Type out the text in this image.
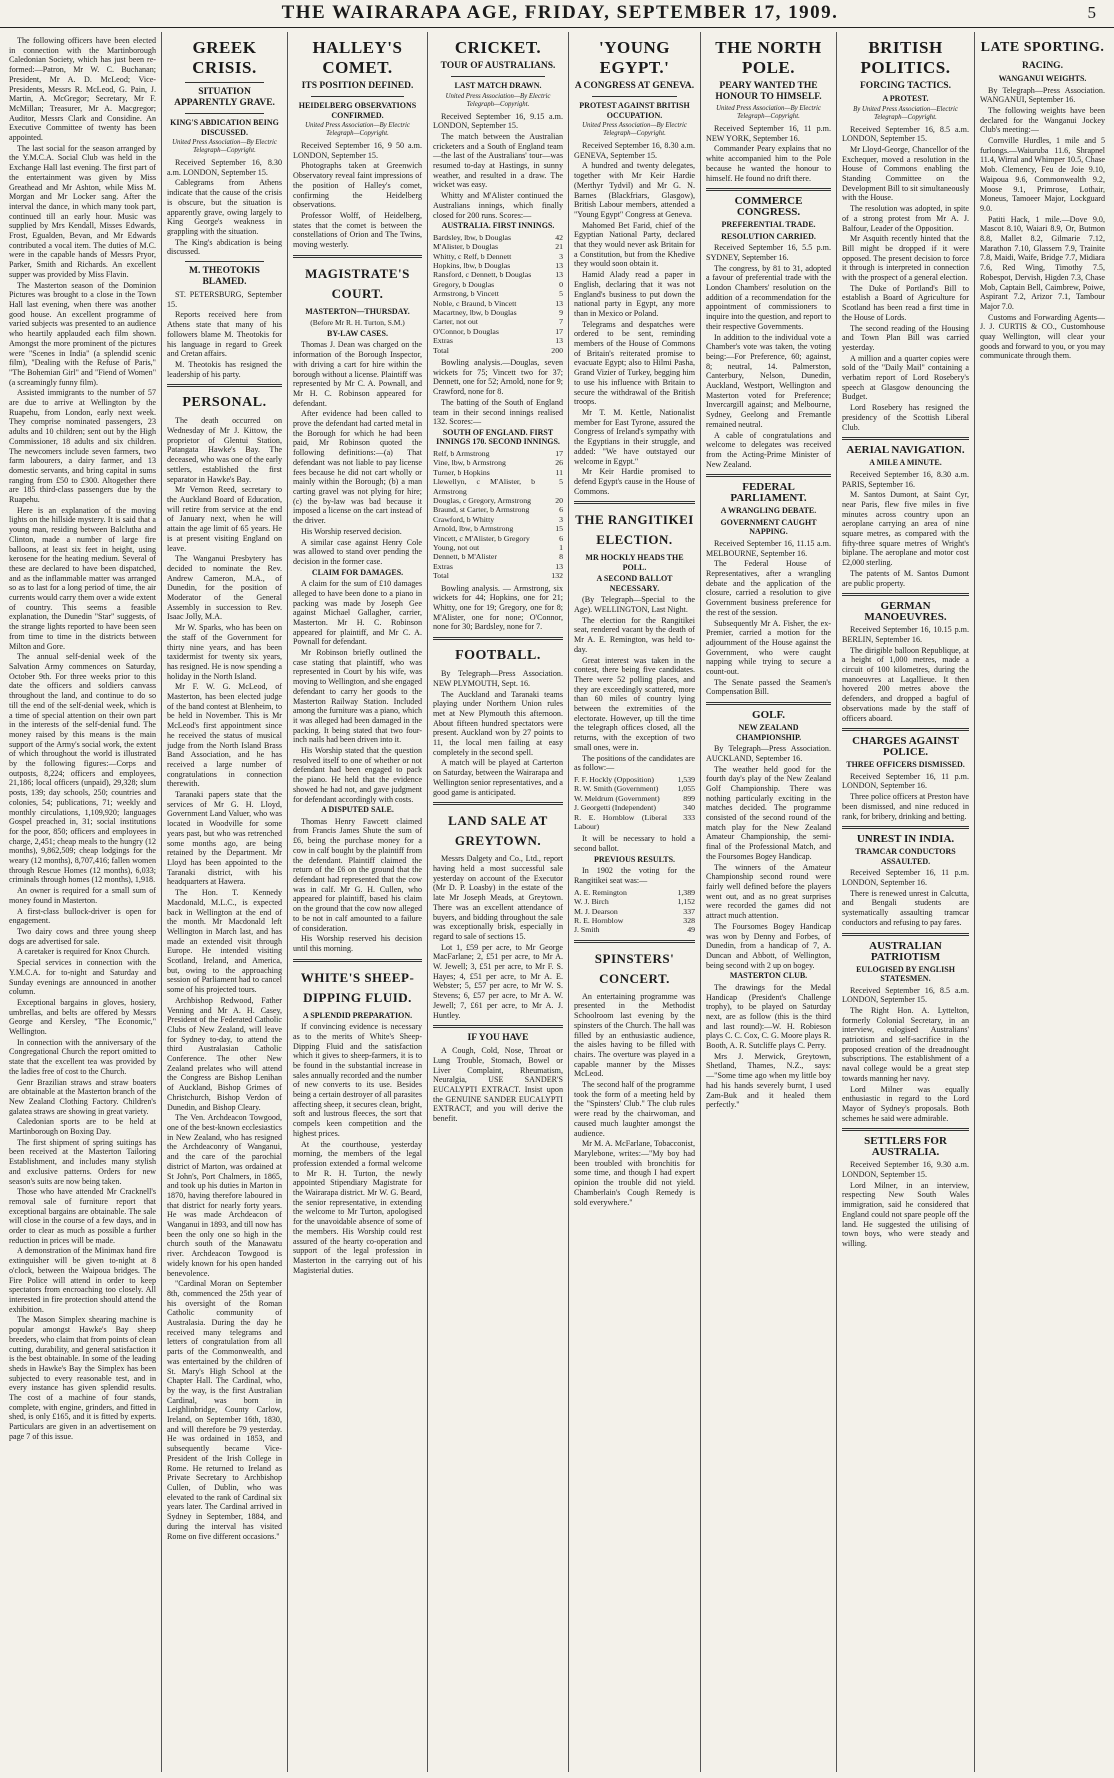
THE WAIRARAPA AGE, FRIDAY, SEPTEMBER 17, 1909.	5

The following officers have been elected in connection with the Martinborough Caledonian Society, which has just been re-formed:—Patron, Mr W. C. Buchanan; President, Mr A. D. McLeod; Vice-Presidents, Messrs R. McLeod, G. Pain, J. Martin, A. McGregor; Secretary, Mr F. McMillan; Treasurer, Mr A. Macgregor; Auditor, Messrs Clark and Considine. An Executive Committee of twenty has been appointed.

The last social for the season arranged by the Y.M.C.A. Social Club was held in the Exchange Hall last evening. The first part of the entertainment was given by Miss Greathead and Mr Ashton, while Miss M. Morgan and Mr Locker sang. After the interval the dance, in which many took part, continued till an early hour. Music was supplied by Mrs Kendall, Misses Edwards, Frost, Egualden, Bevan, and Mr Edwards contributed a vocal item. The duties of M.C. were in the capable hands of Messrs Pryor, Parker, Smith and Richards. An excellent supper was provided by Miss Flavin.

The Masterton season of the Dominion Pictures was brought to a close in the Town Hall last evening, when there was another good house. An excellent programme of varied subjects was presented to an audience who heartily applauded each film shown. Amongst the more prominent of the pictures were "Scenes in India" (a splendid scenic film), "Dealing with the Refuse of Paris," "The Bohemian Girl" and "Fiend of Women" (a screamingly funny film).

Assisted immigrants to the number of 57 are due to arrive at Wellington by the Ruapehu, from London, early next week. They comprise nominated passengers, 23 adults and 10 children; sent out by the High Commissioner, 18 adults and six children. The newcomers include seven farmers, two farm labourers, a dairy farmer, and 13 domestic servants, and bring capital in sums ranging from £50 to £300. Altogether there are 185 third-class passengers due by the Ruapehu.

Here is an explanation of the moving lights on the hillside mystery. It is said that a young man, residing between Balclutha and Clinton, made a number of large fire balloons, at least six feet in height, using kerosene for the heating medium. Several of these are declared to have been dispatched, and as the inflammable matter was arranged so as to last for a long period of time, the air currents would carry them over a wide extent of country. This seems a feasible explanation, the Dunedin "Star" suggests, of the strange lights reported to have been seen from time to time in the districts between Milton and Gore.

The annual self-denial week of the Salvation Army commences on Saturday, October 9th. For three weeks prior to this date the officers and soldiers canvass throughout the land, and continue to do so till the end of the self-denial week, which is a time of special attention on their own part in the interests of the self-denial fund. The money raised by this means is the main support of the Army's social work, the extent of which throughout the world is illustrated by the following figures:—Corps and outposts, 8,224; officers and employees, 21,186; local officers (unpaid), 29,328; slum posts, 139; day schools, 250; countries and colonies, 54; publications, 71; weekly and monthly circulations, 1,109,920; languages Gospel preached in, 31; social institutions for the poor, 850; officers and employees in charge, 2,451; cheap meals to the hungry (12 months), 9,862,509; cheap lodgings for the weary (12 months), 8,707,416; fallen women through Rescue Homes (12 months), 6,033; criminals through homes (12 months), 1,918.

An owner is required for a small sum of money found in Masterton.

A first-class bullock-driver is open for engagement.

Two dairy cows and three young sheep dogs are advertised for sale.

A caretaker is required for Knox Church.

Special services in connection with the Y.M.C.A. for to-night and Saturday and Sunday evenings are announced in another column.

Exceptional bargains in gloves, hosiery, umbrellas, and belts are offered by Messrs George and Kersley, "The Economic," Wellington.

In connection with the anniversary of the Congregational Church the report omitted to state that the excellent tea was provided by the ladies free of cost to the Church.

Genr Brazilian straws and straw boaters are obtainable at the Masterton branch of the New Zealand Clothing Factory. Children's galatea straws are showing in great variety.

Caledonian sports are to be held at Martinborough on Boxing Day.

The first shipment of spring suitings has been received at the Masterton Tailoring Establishment, and includes many stylish and exclusive patterns. Orders for new season's suits are now being taken.

Those who have attended Mr Cracknell's removal sale of furniture report that exceptional bargains are obtainable. The sale will close in the course of a few days, and in order to clear as much as possible a further reduction in prices will be made.

A demonstration of the Minimax hand fire extinguisher will be given to-night at 8 o'clock, between the Waipoua bridges. The Fire Police will attend in order to keep spectators from encroaching too closely. All interested in fire protection should attend the exhibition.

The Mason Simplex shearing machine is popular amongst Hawke's Bay sheep breeders, who claim that from points of clean cutting, durability, and general satisfaction it is the best obtainable. In some of the leading sheds in Hawke's Bay the Simplex has been subjected to every reasonable test, and in every instance has given splendid results. The cost of a machine of four stands, complete, with engine, grinders, and fitted in shed, is only £165, and it is fitted by experts. Particulars are given in an advertisement on page 7 of this issue.

GREEK CRISIS.
SITUATION APPARENTLY GRAVE.
KING'S ABDICATION BEING DISCUSSED.
United Press Association—By Electric Telegraph—Copyright.

Received September 16, 8.30 a.m. LONDON, September 15.

Cablegrams from Athens indicate that the cause of the crisis is obscure, but the situation is apparently grave, owing largely to King George's weakness in grappling with the situation.

The King's abdication is being discussed.

M. THEOTOKIS BLAMED.

ST. PETERSBURG, September 15.

Reports received here from Athens state that many of his followers blame M. Theotokis for his language in regard to Greek and Cretan affairs.

M. Theotokis has resigned the leadership of his party.

PERSONAL.

The death occurred on Wednesday of Mr J. Kittow, the proprietor of Glentui Station, Patangata Hawke's Bay. The deceased, who was one of the early settlers, established the first separator in Hawke's Bay.

Mr Vernon Reed, secretary to the Auckland Board of Education, will retire from service at the end of January next, when he will attain the age limit of 65 years. He is at present visiting England on leave.

The Wanganui Presbytery has decided to nominate the Rev. Andrew Cameron, M.A., of Dunedin, for the position of Moderator of the General Assembly in succession to Rev. Isaac Jolly, M.A.

Mr W. Sparks, who has been on the staff of the Government for thirty nine years, and has been taxidermist for twenty six years, has resigned. He is now spending a holiday in the North Island.

Mr F. W. G. McLeod, of Masterton, has been elected judge of the band contest at Blenheim, to be held in November. This is Mr McLeod's first appointment since he received the status of musical judge from the North Island Brass Band Association, and he has received a large number of congratulations in connection therewith.

Taranaki papers state that the services of Mr G. H. Lloyd, Government Land Valuer, who was located in Woodville for some years past, but who was retrenched some months ago, are being retained by the Department. Mr Lloyd has been appointed to the Taranaki district, with his headquarters at Hawera.

The Hon. T. Kennedy Macdonald, M.L.C., is expected back in Wellington at the end of the month. Mr Macdonald left Wellington in March last, and has made an extended visit through Europe. He intended visiting Scotland, Ireland, and America, but, owing to the approaching session of Parliament had to cancel some of his projected tours.

Archbishop Redwood, Father Venning and Mr A. H. Casey, President of the Federated Catholic Clubs of New Zealand, will leave for Sydney to-day, to attend the third Australasian Catholic Conference. The other New Zealand prelates who will attend the Congress are Bishop Lenihan of Auckland, Bishop Grimes of Christchurch, Bishop Verdon of Dunedin, and Bishop Cleary.

The Ven. Archdeacon Towgood, one of the best-known ecclesiastics in New Zealand, who has resigned the Archdeaconry of Wanganui, and the care of the parochial district of Marton, was ordained at St John's, Port Chalmers, in 1865, and took up his duties in Marton in 1870, having therefore laboured in that district for nearly forty years. He was made Archdeacon of Wanganui in 1893, and till now has been the only one so high in the church south of the Manawatu river. Archdeacon Towgood is widely known for his open handed benevolence.

"Cardinal Moran on September 8th, commenced the 25th year of his oversight of the Roman Catholic community of Australasia. During the day he received many telegrams and letters of congratulation from all parts of the Commonwealth, and was entertained by the children of St. Mary's High School at the Chapter Hall. The Cardinal, who, by the way, is the first Australian Cardinal, was born in Leighlinbridge, County Carlow, Ireland, on September 16th, 1830, and will therefore be 79 yesterday. He was ordained in 1853, and subsequently became Vice-President of the Irish College in Rome. He returned to Ireland as Private Secretary to Archbishop Cullen, of Dublin, who was elevated to the rank of Cardinal six years later. The Cardinal arrived in Sydney in September, 1884, and during the interval has visited Rome on five different occasions."

HALLEY'S COMET.
ITS POSITION DEFINED.
HEIDELBERG OBSERVATIONS CONFIRMED.
United Press Association—By Electric Telegraph—Copyright.

Received September 16, 9 50 a.m. LONDON, September 15.

Photographs taken at Greenwich Observatory reveal faint impressions of the position of Halley's comet, confirming the Heidelberg observations.

Professor Wolff, of Heidelberg, states that the comet is between the constellations of Orion and The Twins, moving westerly.

MAGISTRATE'S COURT.
MASTERTON—THURSDAY.
(Before Mr R. H. Turton, S.M.)
BY-LAW CASES.

Thomas J. Dean was charged on the information of the Borough Inspector, with driving a cart for hire within the borough without a license. Plaintiff was represented by Mr C. A. Pownall, and Mr H. C. Robinson appeared for defendant.

After evidence had been called to prove the defendant had carted metal in the Borough for which he had been paid, Mr Robinson quoted the following definitions:—(a) That defendant was not liable to pay license fees because he did not cart wholly or mainly within the Borough; (b) a man carting gravel was not plying for hire; (c) the by-law was bad because it imposed a license on the cart instead of the driver.

His Worship reserved decision.

A similar case against Henry Cole was allowed to stand over pending the decision in the former case.

CLAIM FOR DAMAGES.

A claim for the sum of £10 damages alleged to have been done to a piano in packing was made by Joseph Gee against Michael Gallagher, carrier, Masterton. Mr H. C. Robinson appeared for plaintiff, and Mr C. A. Pownall for defendant.

Mr Robinson briefly outlined the case stating that plaintiff, who was represented in Court by his wife, was moving to Wellington, and she engaged defendant to carry her goods to the Masterton Railway Station. Included among the furniture was a piano, which it was alleged had been damaged in the packing. It being stated that two four-inch nails had been driven into it.

His Worship stated that the question resolved itself to one of whether or not defendant had been engaged to pack the piano. He held that the evidence showed he had not, and gave judgment for defendant accordingly with costs.

A DISPUTED SALE.

Thomas Henry Fawcett claimed from Francis James Shute the sum of £6, being the purchase money for a cow in calf bought by the plaintiff from the defendant. Plaintiff claimed the return of the £6 on the ground that the defendant had represented that the cow was in calf. Mr G. H. Cullen, who appeared for plaintiff, based his claim on the ground that the cow now alleged to be not in calf amounted to a failure of consideration.

His Worship reserved his decision until this morning.

WHITE'S SHEEP-DIPPING FLUID.
A SPLENDID PREPARATION.

If convincing evidence is necessary as to the merits of White's Sheep-Dipping Fluid and the satisfaction which it gives to sheep-farmers, it is to be found in the substantial increase in sales annually recorded and the number of new converts to its use. Besides being a certain destroyer of all parasites affecting sheep, it secures clean, bright, soft and lustrous fleeces, the sort that compels keen competition and the highest prices.

At the courthouse, yesterday morning, the members of the legal profession extended a formal welcome to Mr R. H. Turton, the newly appointed Stipendiary Magistrate for the Wairarapa district. Mr W. G. Beard, the senior representative, in extending the welcome to Mr Turton, apologised for the unavoidable absence of some of the members. His Worship could rest assured of the hearty co-operation and support of the legal profession in Masterton in the carrying out of his Magisterial duties.

CRICKET.
TOUR OF AUSTRALIANS.
LAST MATCH DRAWN.
United Press Association—By Electric Telegraph—Copyright.

Received September 16, 9.15 a.m. LONDON, September 15.

The match between the Australian cricketers and a South of England team—the last of the Australians' tour—was resumed to-day at Hastings, in sunny weather, and resulted in a draw. The wicket was easy.

Whitty and M'Alister continued the Australians innings, which finally closed for 200 runs. Scores:—

AUSTRALIA. FIRST INNINGS.
Bardsley, lbw, b Douglas	42
M'Alister, b Douglas	21
Whitty, c Relf, b Dennett	3
Hopkins, lbw, b Douglas	13
Ransford, c Dennett, b Douglas	13
Gregory, b Douglas	0
Armstrong, b Vincett	5
Noble, c Braund, b Vincett	13
Macartney, lbw, b Douglas	9
Carter, not out	7
O'Connor, b Douglas	17
Extras	13
Total	200

Bowling analysis.—Douglas, seven wickets for 75; Vincett two for 37; Dennett, one for 52; Arnold, none for 9; Crawford, none for 8.

The batting of the South of England team in their second innings realised 132. Scores:—

SOUTH OF ENGLAND. FIRST INNINGS 170. SECOND INNINGS.
Relf, b Armstrong	17
Vine, lbw, b Armstrong	26
Turner, b Hopkins	11
Llewellyn, c M'Alister, b Armstrong	5
Douglas, c Gregory, Armstrong	20
Braund, st Carter, b Armstrong	6
Crawford, b Whitty	3
Arnold, lbw, b Armstrong	15
Vincett, c M'Alister, b Gregory	6
Young, not out	1
Dennett, b M'Alister	8
Extras	13
Total	132

Bowling analysis. — Armstrong, six wickets for 44; Hopkins, one for 21; Whitty, one for 19; Gregory, one for 8; M'Alister, one for none; O'Connor, none for 30; Bardsley, none for 7.

FOOTBALL.

By Telegraph—Press Association. NEW PLYMOUTH, Sept. 16.

The Auckland and Taranaki teams playing under Northern Union rules met at New Plymouth this afternoon. About fifteen hundred spectators were present. Auckland won by 27 points to 11, the local men failing at easy completely in the second spell.

A match will be played at Carterton on Saturday, between the Wairarapa and Wellington senior representatives, and a good game is anticipated.

LAND SALE AT GREYTOWN.

Messrs Dalgety and Co., Ltd., report having held a most successful sale yesterday on account of the Executor (Mr D. P. Loasby) in the estate of the late Mr Joseph Meads, at Greytown. There was an excellent attendance of buyers, and bidding throughout the sale was exceptionally brisk, especially in regard to sale of sections 15.

Lot 1, £59 per acre, to Mr George MacFarlane; 2, £51 per acre, to Mr A. W. Jewell; 3, £51 per acre, to Mr F. S. Hayes; 4, £51 per acre, to Mr A. E. Webster; 5, £57 per acre, to Mr W. S. Stevens; 6, £57 per acre, to Mr A. W. Jewell; 7, £61 per acre, to Mr A. J. Huntley.

IF YOU HAVE

A Cough, Cold, Nose, Throat or Lung Trouble, Stomach, Bowel or Liver Complaint, Rheumatism, Neuralgia, USE SANDER'S EUCALYPTI EXTRACT. Insist upon the GENUINE SANDER EUCALYPTI EXTRACT, and you will derive the benefit.

'YOUNG EGYPT.'
A CONGRESS AT GENEVA.
PROTEST AGAINST BRITISH OCCUPATION.
United Press Association—By Electric Telegraph—Copyright.

Received September 16, 8.30 a.m. GENEVA, September 15.

A hundred and twenty delegates, together with Mr Keir Hardie (Merthyr Tydvil) and Mr G. N. Barnes (Blackfriars, Glasgow), British Labour members, attended a "Young Egypt" Congress at Geneva.

Mahomed Bet Farid, chief of the Egyptian National Party, declared that they would never ask Britain for a Constitution, but from the Khedive they would soon obtain it.

Hamid Alady read a paper in English, declaring that it was not England's business to put down the national party in Egypt, any more than in Mexico or Poland.

Telegrams and despatches were ordered to be sent, reminding members of the House of Commons of Britain's reiterated promise to evacuate Egypt; also to Hilmi Pasha, Grand Vizier of Turkey, begging him to use his influence with Britain to secure the withdrawal of the British troops.

Mr T. M. Kettle, Nationalist member for East Tyrone, assured the Congress of Ireland's sympathy with the Egyptians in their struggle, and added: "We have outstayed our welcome in Egypt."

Mr Keir Hardie promised to defend Egypt's cause in the House of Commons.

THE RANGITIKEI ELECTION.
MR HOCKLY HEADS THE POLL.
A SECOND BALLOT NECESSARY.

(By Telegraph—Special to the Age). WELLINGTON, Last Night.

The election for the Rangitikei seat, rendered vacant by the death of Mr A. E. Remington, was held to-day.

Great interest was taken in the contest, there being five candidates. There were 52 polling places, and they are exceedingly scattered, more than 60 miles of country lying between the extremities of the electorate. However, up till the time the telegraph offices closed, all the returns, with the exception of two small ones, were in.

The positions of the candidates are as follow:—

F. F. Hockly (Opposition)	1,539
R. W. Smith (Government)	1,055
W. Meldrum (Government)	899
J. Georgetti (Independent)	340
R. E. Hornblow (Liberal Labour)	333

It will be necessary to hold a second ballot.

PREVIOUS RESULTS.

In 1902 the voting for the Rangitikei seat was:—

A. E. Remington	1,389
W. J. Birch	1,152
M. J. Dearson	337
R. E. Hornblow	328
J. Smith	49
SPINSTERS' CONCERT.

An entertaining programme was presented in the Methodist Schoolroom last evening by the spinsters of the Church. The hall was filled by an enthusiastic audience, the aisles having to be filled with chairs. The overture was played in a capable manner by the Misses McLeod.

The second half of the programme took the form of a meeting held by the "Spinsters' Club." The club rules were read by the chairwoman, and caused much laughter amongst the audience.

Mr M. A. McFarlane, Tobacconist, Marylebone, writes:—"My boy had been troubled with bronchitis for some time, and though I had expert opinion the trouble did not yield. Chamberlain's Cough Remedy is sold everywhere."

THE NORTH POLE.
PEARY WANTED THE HONOUR TO HIMSELF.
United Press Association—By Electric Telegraph—Copyright.

Received September 16, 11 p.m. NEW YORK, September 16.

Commander Peary explains that no white accompanied him to the Pole because he wanted the honour to himself. He found no drift there.

COMMERCE CONGRESS.
PREFERENTIAL TRADE.
RESOLUTION CARRIED.

Received September 16, 5.5 p.m. SYDNEY, September 16.

The congress, by 81 to 31, adopted a favour of preferential trade with the London Chambers' resolution on the addition of a recommendation for the appointment of commissioners to inquire into the question, and report to their respective Governments.

In addition to the individual vote a Chamber's vote was taken, the voting being:—For Preference, 60; against, 8; neutral, 14. Palmerston, Canterbury, Nelson, Dunedin, Auckland, Westport, Wellington and Masterton voted for Preference; Invercargill against; and Melbourne, Sydney, Geelong and Fremantle remained neutral.

A cable of congratulations and welcome to delegates was received from the Acting-Prime Minister of New Zealand.

FEDERAL PARLIAMENT.
A WRANGLING DEBATE.
GOVERNMENT CAUGHT NAPPING.

Received September 16, 11.15 a.m. MELBOURNE, September 16.

The Federal House of Representatives, after a wrangling debate and the application of the closure, carried a resolution to give Government business preference for the rest of the session.

Subsequently Mr A. Fisher, the ex-Premier, carried a motion for the adjournment of the House against the Government, who were caught napping while trying to secure a count-out.

The Senate passed the Seamen's Compensation Bill.

GOLF.
NEW ZEALAND CHAMPIONSHIP.

By Telegraph—Press Association. AUCKLAND, September 16.

The weather held good for the fourth day's play of the New Zealand Golf Championship. There was nothing particularly exciting in the matches decided. The programme consisted of the second round of the match play for the New Zealand Amateur Championship, the semi-final of the Professional Match, and the Foursomes Bogey Handicap.

The winners of the Amateur Championship second round were fairly well defined before the players went out, and as no great surprises were recorded the games did not attract much attention.

The Foursomes Bogey Handicap was won by Denny and Forbes, of Dunedin, from a handicap of 7, A. Duncan and Abbott, of Wellington, being second with 2 up on bogey.

MASTERTON CLUB.

The drawings for the Medal Handicap (President's Challenge trophy), to be played on Saturday next, are as follow (this is the third and last round):—W. H. Robieson plays C. C. Cox, C. G. Moore plays R. Booth, A. R. Sutcliffe plays C. Perry.

Mrs J. Merwick, Greytown, Shetland, Thames, N.Z., says:—"Some time ago when my little boy had his hands severely burnt, I used Zam-Buk and it healed them perfectly."

BRITISH POLITICS.
FORCING TACTICS.
A PROTEST.
By United Press Association—Electric Telegraph—Copyright.

Received September 16, 8.5 a.m. LONDON, September 15.

Mr Lloyd-George, Chancellor of the Exchequer, moved a resolution in the House of Commons enabling the Standing Committee on the Development Bill to sit simultaneously with the House.

The resolution was adopted, in spite of a strong protest from Mr A. J. Balfour, Leader of the Opposition.

Mr Asquith recently hinted that the Bill might be dropped if it were opposed. The present decision to force it through is interpreted in connection with the prospect of a general election.

The Duke of Portland's Bill to establish a Board of Agriculture for Scotland has been read a first time in the House of Lords.

The second reading of the Housing and Town Plan Bill was carried yesterday.

A million and a quarter copies were sold of the "Daily Mail" containing a verbatim report of Lord Rosebery's speech at Glasgow denouncing the Budget.

Lord Rosebery has resigned the presidency of the Scottish Liberal Club.

AERIAL NAVIGATION.
A MILE A MINUTE.

Received September 16, 8.30 a.m. PARIS, September 16.

M. Santos Dumont, at Saint Cyr, near Paris, flew five miles in five minutes across country upon an aeroplane carrying an area of nine square metres, as compared with the fifty-three square metres of Wright's biplane. The aeroplane and motor cost £2,000 sterling.

The patents of M. Santos Dumont are public property.

GERMAN MANOEUVRES.

Received September 16, 10.15 p.m. BERLIN, September 16.

The dirigible balloon Republique, at a height of 1,000 metres, made a circuit of 100 kilometres, during the manoeuvres at Laqallieue. It then hovered 200 metres above the defenders, and dropped a bagful of observations made by the staff of officers aboard.

CHARGES AGAINST POLICE.
THREE OFFICERS DISMISSED.

Received September 16, 11 p.m. LONDON, September 16.

Three police officers at Preston have been dismissed, and nine reduced in rank, for bribery, drinking and betting.

UNREST IN INDIA.
TRAMCAR CONDUCTORS ASSAULTED.

Received September 16, 11 p.m. LONDON, September 16.

There is renewed unrest in Calcutta, and Bengali students are systematically assaulting tramcar conductors and refusing to pay fares.

AUSTRALIAN PATRIOTISM
EULOGISED BY ENGLISH STATESMEN.

Received September 16, 8.5 a.m. LONDON, September 15.

The Right Hon. A. Lyttelton, formerly Colonial Secretary, in an interview, eulogised Australians' patriotism and self-sacrifice in the proposed creation of the dreadnought subscriptions. The establishment of a naval college would be a great step towards manning her navy.

Lord Milner was equally enthusiastic in regard to the Lord Mayor of Sydney's proposals. Both schemes he said were admirable.

SETTLERS FOR AUSTRALIA.

Received September 16, 9.30 a.m. LONDON, September 15.

Lord Milner, in an interview, respecting New South Wales immigration, said he considered that England could not spare people off the land. He suggested the utilising of town boys, who were steady and willing.

LATE SPORTING.
RACING.
WANGANUI WEIGHTS.

By Telegraph—Press Association. WANGANUI, September 16.

The following weights have been declared for the Wanganui Jockey Club's meeting:—

Cornville Hurdles, 1 mile and 5 furlongs.—Waiuruba 11.6, Shrapnel 11.4, Wirral and Whimper 10.5, Chase Mob. Clemency, Feu de Joie 9.10, Waipoua 9.6, Commonwealth 9.2, Moose 9.1, Primrose, Lothair, Moneus, Tamoeer Major, Lockguard 9.0.

Patiti Hack, 1 mile.—Dove 9.0, Mascot 8.10, Waiari 8.9, Or, Butmon 8.8, Mallet 8.2, Gilmarie 7.12, Marathon 7.10, Glassern 7.9, Trainite 7.8, Maidi, Waife, Bridge 7.7, Midiara 7.6, Red Wing, Timothy 7.5, Robespot, Dervish, Higden 7.3, Chase Mob, Captain Bell, Caimbrew, Poiwe, Aspirant 7.2, Arizor 7.1, Tambour Major 7.0.

Customs and Forwarding Agents—J. J. CURTIS & CO., Customhouse quay Wellington, will clear your goods and forward to you, or you may communicate through them.
